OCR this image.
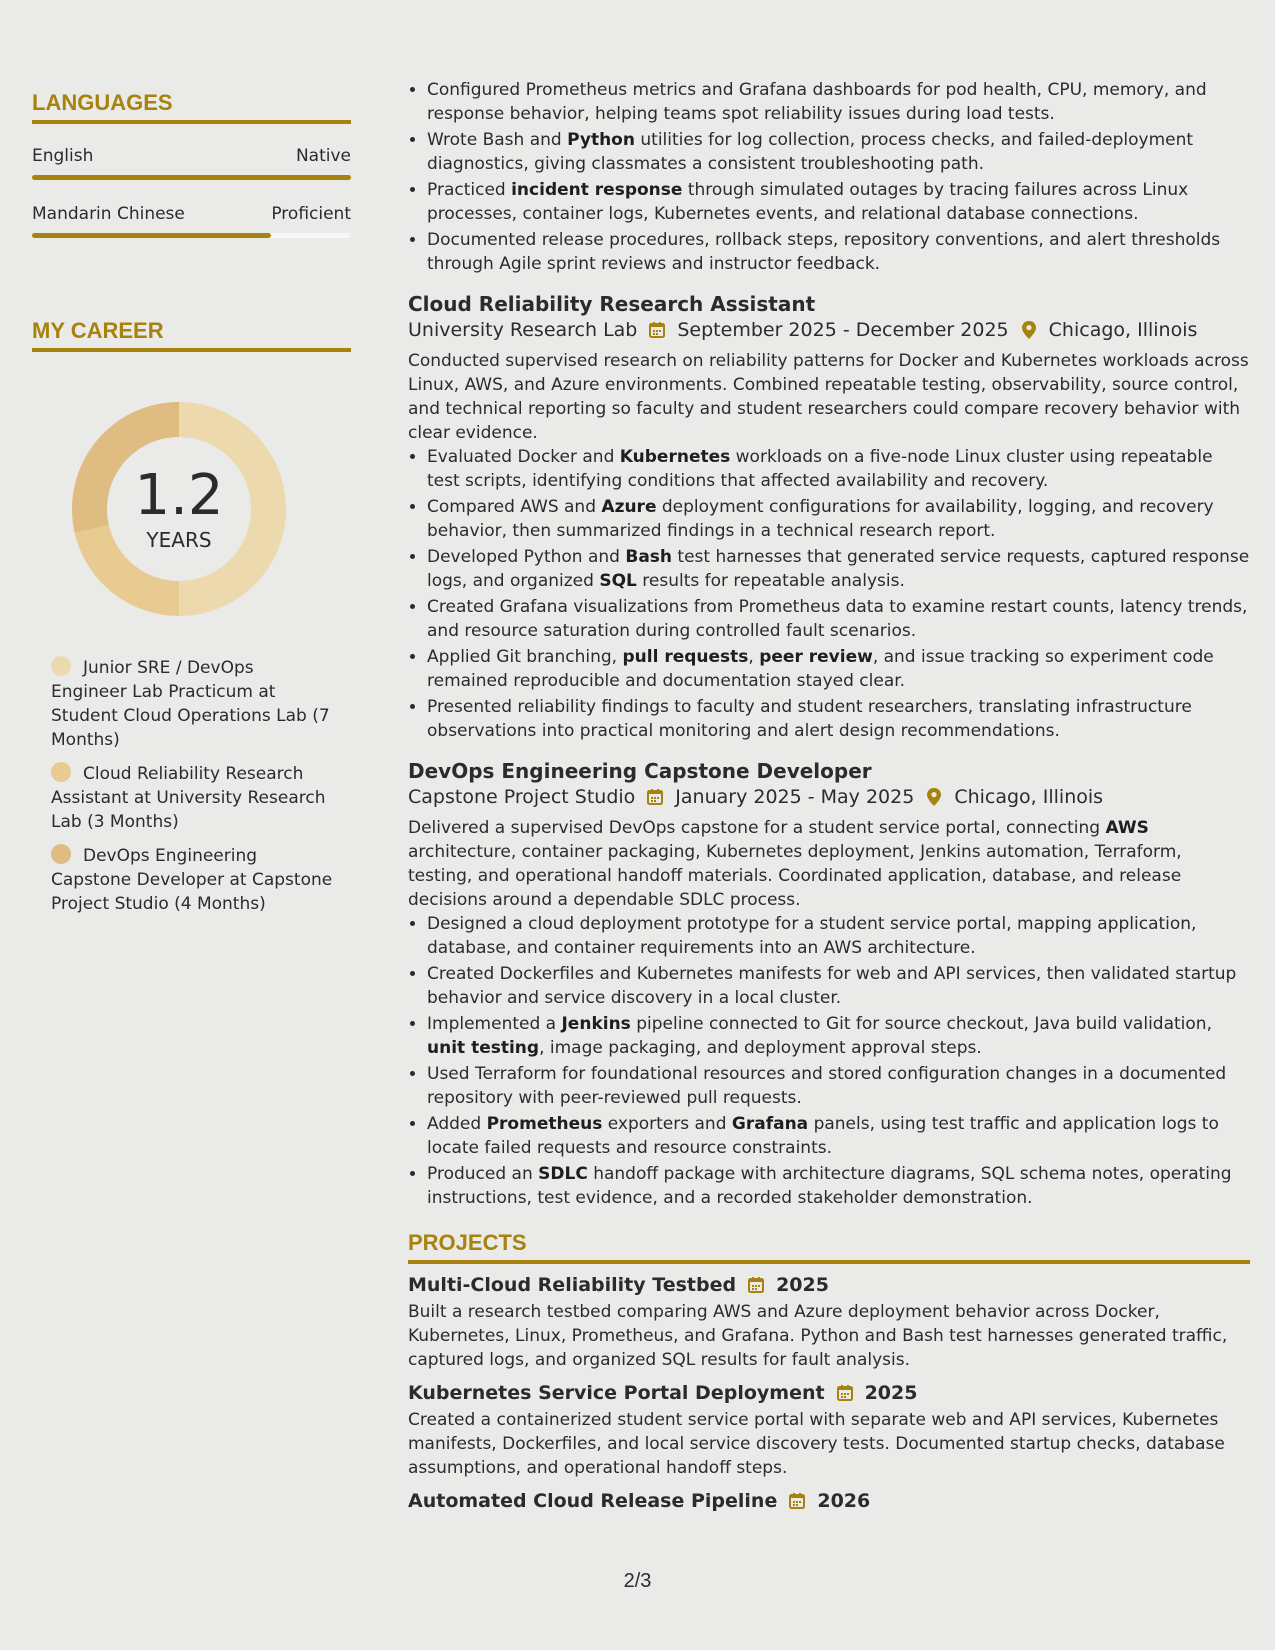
LANGUAGES
English	Native
Mandarin Chinese	Proficient
MY CAREER
1.2
YEARS
Junior SRE / DevOps Engineer Lab Practicum at Student Cloud Operations Lab (7 Months)
Cloud Reliability Research Assistant at University Research Lab (3 Months)
DevOps Engineering Capstone Developer at Capstone Project Studio (4 Months)
• Configured Prometheus metrics and Grafana dashboards for pod health, CPU, memory, and response behavior, helping teams spot reliability issues during load tests.
• Wrote Bash and Python utilities for log collection, process checks, and failed-deployment diagnostics, giving classmates a consistent troubleshooting path.
• Practiced incident response through simulated outages by tracing failures across Linux processes, container logs, Kubernetes events, and relational database connections.
• Documented release procedures, rollback steps, repository conventions, and alert thresholds through Agile sprint reviews and instructor feedback.
Cloud Reliability Research Assistant
University Research Lab September 2025 - December 2025 Chicago, Illinois

Conducted supervised research on reliability patterns for Docker and Kubernetes workloads across Linux, AWS, and Azure environments. Combined repeatable testing, observability, source control, and technical reporting so faculty and student researchers could compare recovery behavior with clear evidence.

• Evaluated Docker and Kubernetes workloads on a five-node Linux cluster using repeatable test scripts, identifying conditions that affected availability and recovery.
• Compared AWS and Azure deployment configurations for availability, logging, and recovery behavior, then summarized findings in a technical research report.
• Developed Python and Bash test harnesses that generated service requests, captured response logs, and organized SQL results for repeatable analysis.
• Created Grafana visualizations from Prometheus data to examine restart counts, latency trends, and resource saturation during controlled fault scenarios.
• Applied Git branching, pull requests, peer review, and issue tracking so experiment code remained reproducible and documentation stayed clear.
• Presented reliability findings to faculty and student researchers, translating infrastructure observations into practical monitoring and alert design recommendations.
DevOps Engineering Capstone Developer
Capstone Project Studio January 2025 - May 2025 Chicago, Illinois

Delivered a supervised DevOps capstone for a student service portal, connecting AWS architecture, container packaging, Kubernetes deployment, Jenkins automation, Terraform, testing, and operational handoff materials. Coordinated application, database, and release decisions around a dependable SDLC process.

• Designed a cloud deployment prototype for a student service portal, mapping application, database, and container requirements into an AWS architecture.
• Created Dockerfiles and Kubernetes manifests for web and API services, then validated startup behavior and service discovery in a local cluster.
• Implemented a Jenkins pipeline connected to Git for source checkout, Java build validation, unit testing, image packaging, and deployment approval steps.
• Used Terraform for foundational resources and stored configuration changes in a documented repository with peer-reviewed pull requests.
• Added Prometheus exporters and Grafana panels, using test traffic and application logs to locate failed requests and resource constraints.
• Produced an SDLC handoff package with architecture diagrams, SQL schema notes, operating instructions, test evidence, and a recorded stakeholder demonstration.
PROJECTS
Multi-Cloud Reliability Testbed 2025

Built a research testbed comparing AWS and Azure deployment behavior across Docker, Kubernetes, Linux, Prometheus, and Grafana. Python and Bash test harnesses generated traffic, captured logs, and organized SQL results for fault analysis.

Kubernetes Service Portal Deployment 2025

Created a containerized student service portal with separate web and API services, Kubernetes manifests, Dockerfiles, and local service discovery tests. Documented startup checks, database assumptions, and operational handoff steps.

Automated Cloud Release Pipeline 2026
2/3
